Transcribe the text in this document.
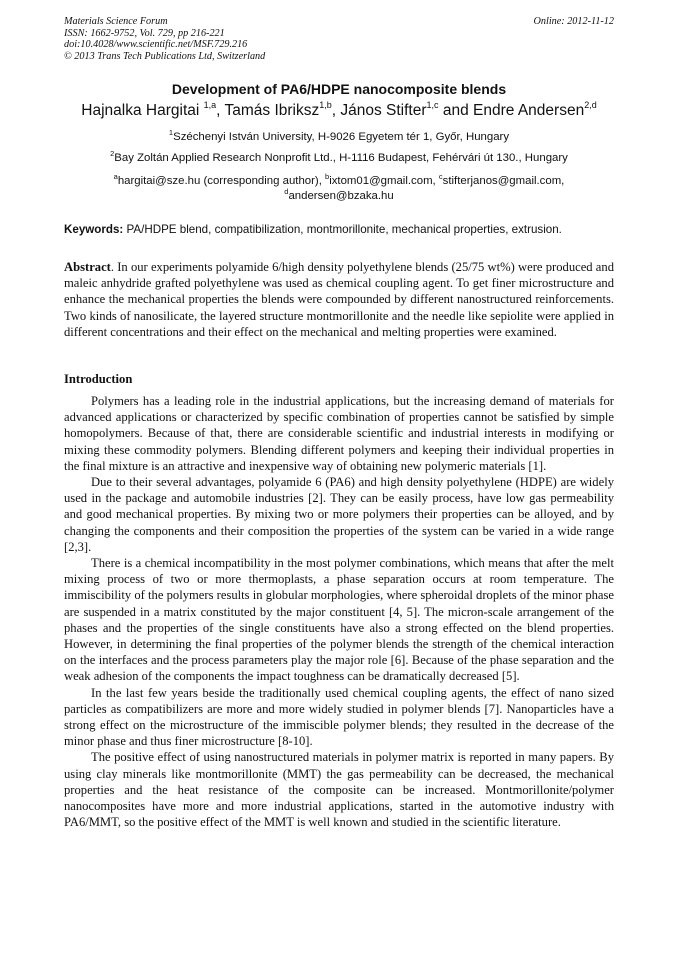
Materials Science Forum
ISSN: 1662-9752, Vol. 729, pp 216-221
doi:10.4028/www.scientific.net/MSF.729.216
© 2013 Trans Tech Publications Ltd, Switzerland
Online: 2012-11-12
Development of PA6/HDPE nanocomposite blends
Hajnalka Hargitai $^{1,a}$, Tamás Ibriksz$^{1,b}$, János Stifter$^{1,c}$ and Endre Andersen$^{2,d}$
$^1$Széchenyi István University, H-9026 Egyetem tér 1, Győr, Hungary
$^2$Bay Zoltán Applied Research Nonprofit Ltd., H-1116 Budapest, Fehérvári út 130., Hungary
$^a$hargitai@sze.hu (corresponding author), $^b$ixtom01@gmail.com, $^c$stifterjanos@gmail.com,
$^d$andersen@bzaka.hu
Keywords: PA/HDPE blend, compatibilization, montmorillonite, mechanical properties, extrusion.
Abstract. In our experiments polyamide 6/high density polyethylene blends (25/75 wt%) were produced and maleic anhydride grafted polyethylene was used as chemical coupling agent. To get finer microstructure and enhance the mechanical properties the blends were compounded by different nanostructured reinforcements. Two kinds of nanosilicate, the layered structure montmorillonite and the needle like sepiolite were applied in different concentrations and their effect on the mechanical and melting properties were examined.
Introduction

Polymers has a leading role in the industrial applications, but the increasing demand of materials for advanced applications or characterized by specific combination of properties cannot be satisfied by simple homopolymers. Because of that, there are considerable scientific and industrial interests in modifying or mixing these commodity polymers. Blending different polymers and keeping their individual properties in the final mixture is an attractive and inexpensive way of obtaining new polymeric materials [1].

Due to their several advantages, polyamide 6 (PA6) and high density polyethylene (HDPE) are widely used in the package and automobile industries [2]. They can be easily process, have low gas permeability and good mechanical properties. By mixing two or more polymers their properties can be alloyed, and by changing the components and their composition the properties of the system can be varied in a wide range [2,3].

There is a chemical incompatibility in the most polymer combinations, which means that after the melt mixing process of two or more thermoplasts, a phase separation occurs at room temperature. The immiscibility of the polymers results in globular morphologies, where spheroidal droplets of the minor phase are suspended in a matrix constituted by the major constituent [4, 5]. The micron-scale arrangement of the phases and the properties of the single constituents have also a strong effected on the blend properties. However, in determining the final properties of the polymer blends the strength of the chemical interaction on the interfaces and the process parameters play the major role [6]. Because of the phase separation and the weak adhesion of the components the impact toughness can be dramatically decreased [5].

In the last few years beside the traditionally used chemical coupling agents, the effect of nano sized particles as compatibilizers are more and more widely studied in polymer blends [7]. Nanoparticles have a strong effect on the microstructure of the immiscible polymer blends; they resulted in the decrease of the minor phase and thus finer microstructure [8-10].

The positive effect of using nanostructured materials in polymer matrix is reported in many papers. By using clay minerals like montmorillonite (MMT) the gas permeability can be decreased, the mechanical properties and the heat resistance of the composite can be increased. Montmorillonite/polymer nanocomposites have more and more industrial applications, started in the automotive industry with PA6/MMT, so the positive effect of the MMT is well known and studied in the scientific literature.
